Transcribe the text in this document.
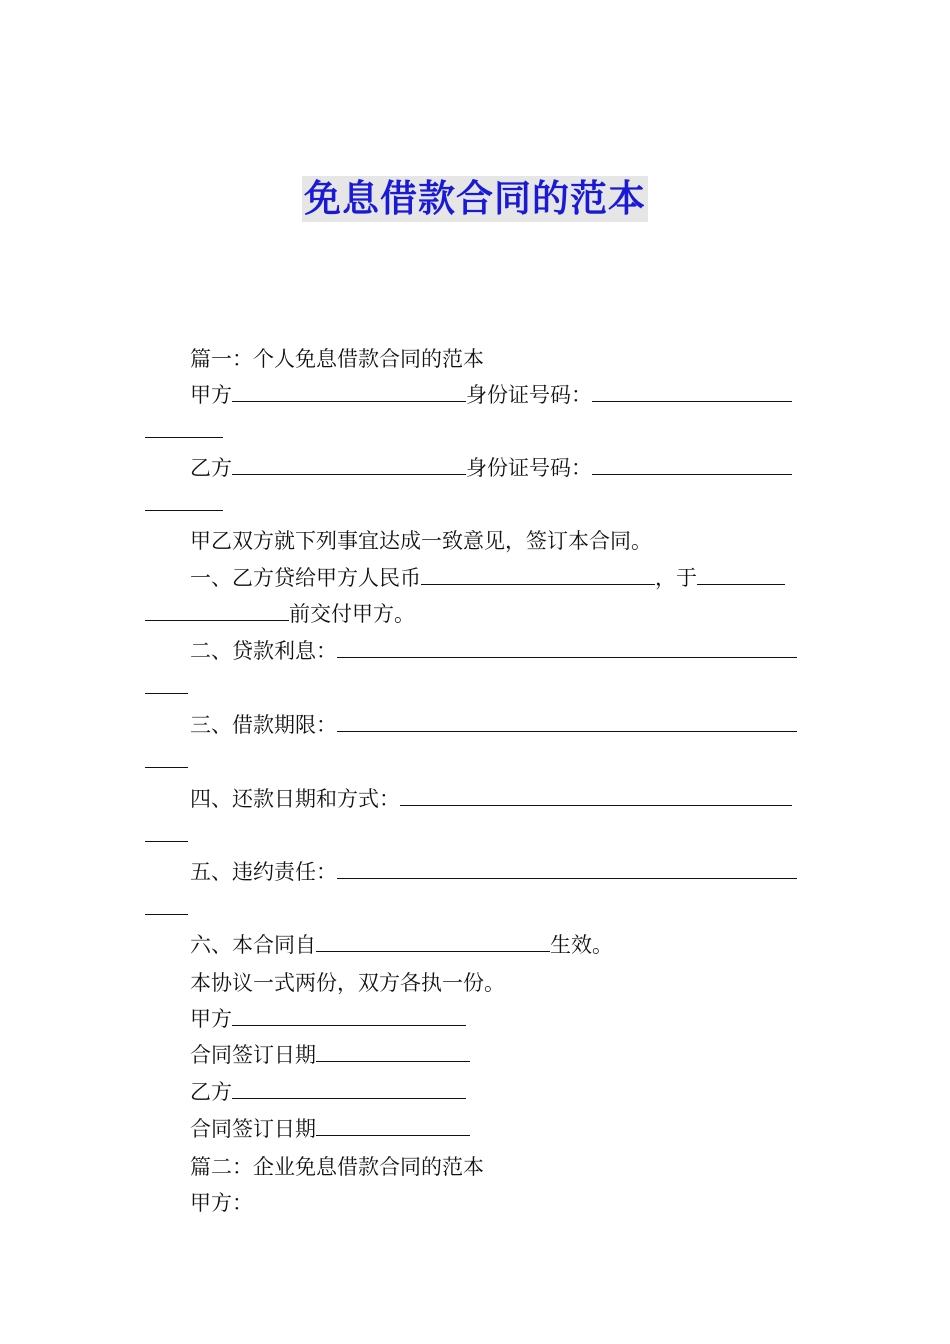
免息借款合同的范本
篇一：个人免息借款合同的范本
甲方	身份证号码：
乙方	身份证号码：
甲乙双方就下列事宜达成一致意见，签订本合同。
一、乙方贷给甲方人民币	，于
前交付甲方。
二、贷款利息：
三、借款期限：
四、还款日期和方式：
五、违约责任：
六、本合同自	生效。
本协议一式两份，双方各执一份。
甲方
合同签订日期
乙方
合同签订日期
篇二：企业免息借款合同的范本
甲方：
